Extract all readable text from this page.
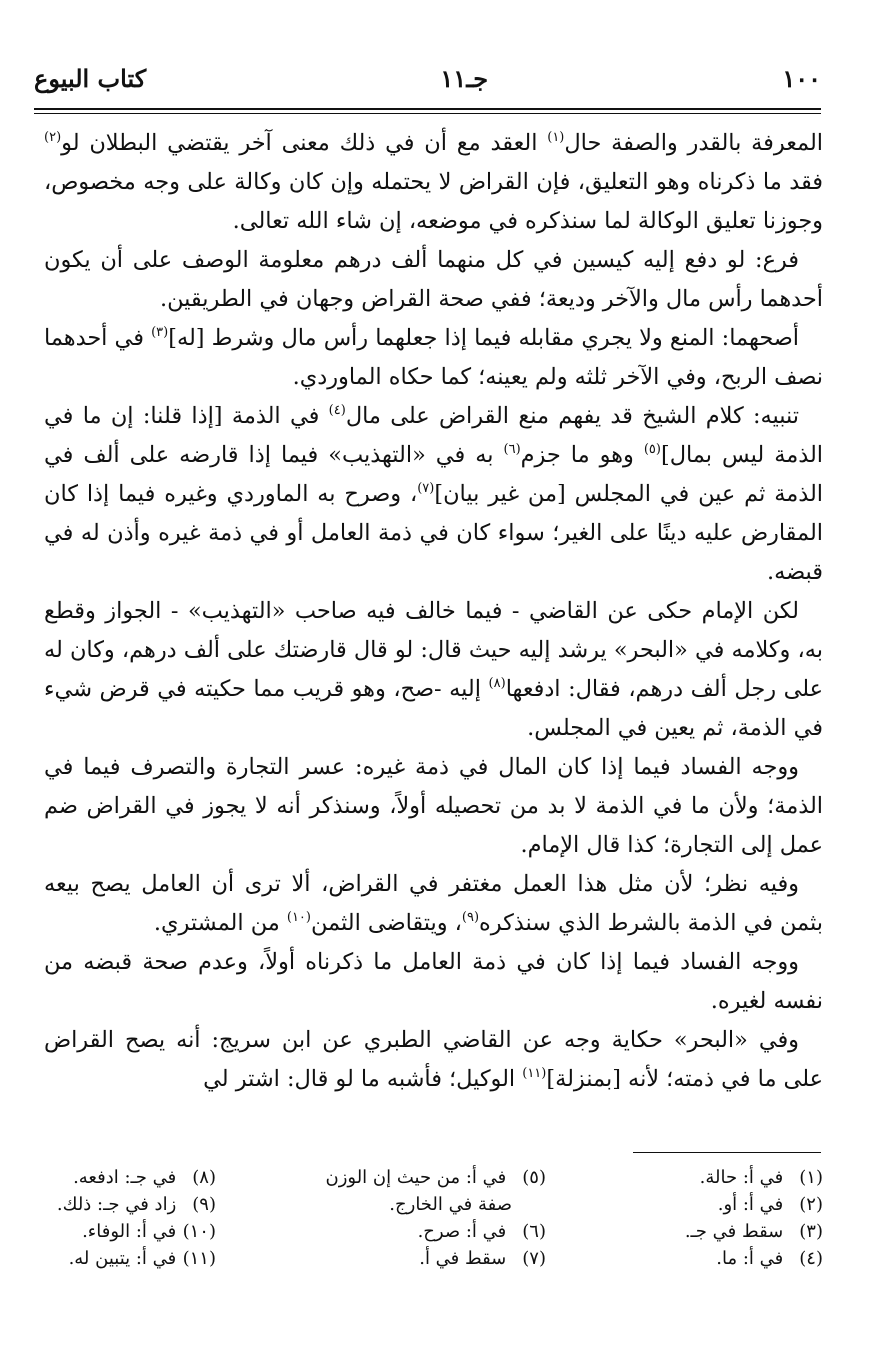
١٠٠
جـ١١
كتاب البيوع

المعرفة بالقدر والصفة حال$^{(١)}$ العقد مع أن في ذلك معنى آخر يقتضي البطلان لو$^{(٢)}$ فقد ما ذكرناه وهو التعليق، فإن القراض لا يحتمله وإن كان وكالة على وجه مخصوص، وجوزنا تعليق الوكالة لما سنذكره في موضعه، إن شاء الله تعالى.

فرع: لو دفع إليه كيسين في كل منهما ألف درهم معلومة الوصف على أن يكون أحدهما رأس مال والآخر وديعة؛ ففي صحة القراض وجهان في الطريقين.

أصحهما: المنع ولا يجري مقابله فيما إذا جعلهما رأس مال وشرط [له]$^{(٣)}$ في أحدهما نصف الربح، وفي الآخر ثلثه ولم يعينه؛ كما حكاه الماوردي.

تنبيه: كلام الشيخ قد يفهم منع القراض على مال$^{(٤)}$ في الذمة [إذا قلنا: إن ما في الذمة ليس بمال]$^{(٥)}$ وهو ما جزم$^{(٦)}$ به في «التهذيب» فيما إذا قارضه على ألف في الذمة ثم عين في المجلس [من غير بيان]$^{(٧)}$، وصرح به الماوردي وغيره فيما إذا كان المقارض عليه دينًا على الغير؛ سواء كان في ذمة العامل أو في ذمة غيره وأذن له في قبضه.

لكن الإمام حكى عن القاضي - فيما خالف فيه صاحب «التهذيب» - الجواز وقطع به، وكلامه في «البحر» يرشد إليه حيث قال: لو قال قارضتك على ألف درهم، وكان له على رجل ألف درهم، فقال: ادفعها$^{(٨)}$ إليه -صح، وهو قريب مما حكيته في قرض شيء في الذمة، ثم يعين في المجلس.

ووجه الفساد فيما إذا كان المال في ذمة غيره: عسر التجارة والتصرف فيما في الذمة؛ ولأن ما في الذمة لا بد من تحصيله أولاً، وسنذكر أنه لا يجوز في القراض ضم عمل إلى التجارة؛ كذا قال الإمام.

وفيه نظر؛ لأن مثل هذا العمل مغتفر في القراض، ألا ترى أن العامل يصح بيعه بثمن في الذمة بالشرط الذي سنذكره$^{(٩)}$، ويتقاضى الثمن$^{(١٠)}$ من المشتري.

ووجه الفساد فيما إذا كان في ذمة العامل ما ذكرناه أولاً، وعدم صحة قبضه من نفسه لغيره.

وفي «البحر» حكاية وجه عن القاضي الطبري عن ابن سريج: أنه يصح القراض على ما في ذمته؛ لأنه [بمنزلة]$^{(١١)}$ الوكيل؛ فأشبه ما لو قال: اشتر لي

(١) في أ: حالة.
(٢) في أ: أو.
(٣) سقط في جـ.
(٤) في أ: ما.
(٥) في أ: من حيث إن الوزن
صفة في الخارج.
(٦) في أ: صرح.
(٧) سقط في أ.
(٨) في جـ: ادفعه.
(٩) زاد في جـ: ذلك.
(١٠) في أ: الوفاء.
(١١) في أ: يتبين له.
